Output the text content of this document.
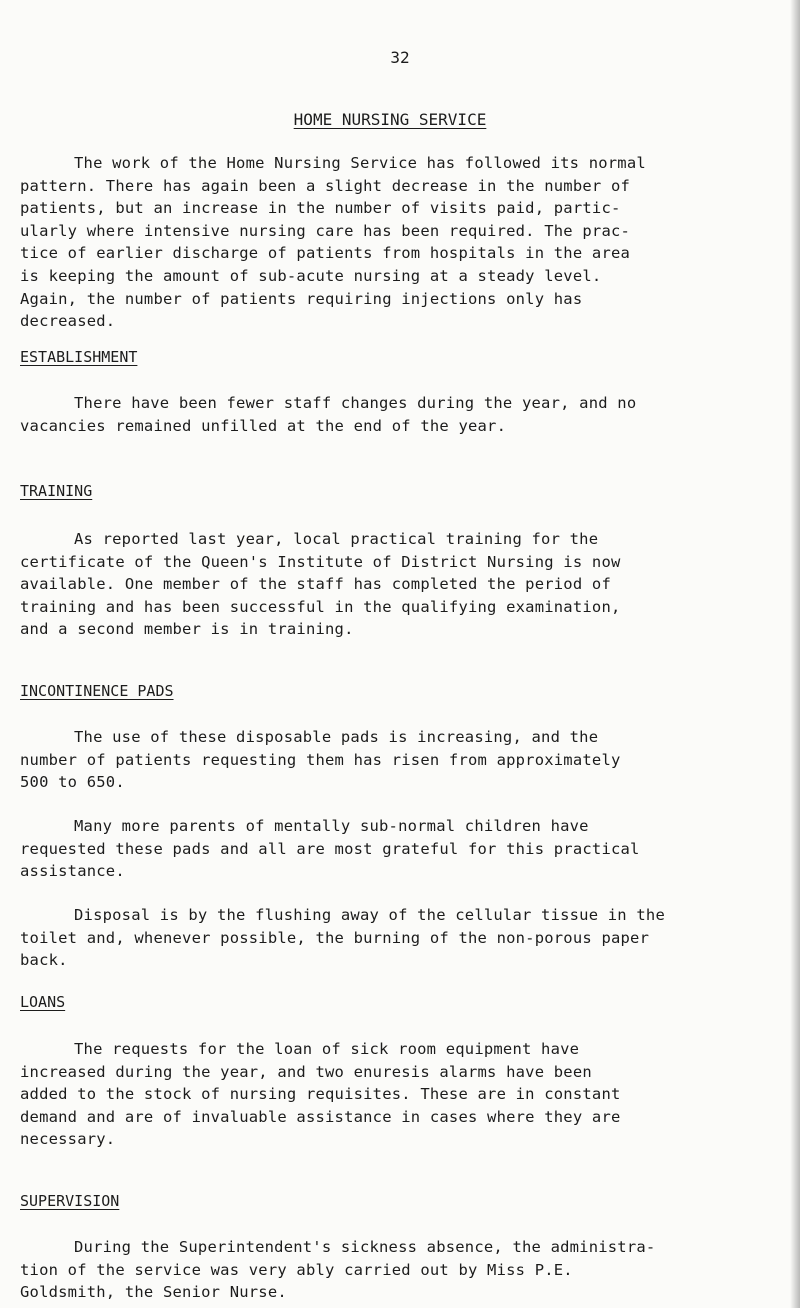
32
HOME NURSING SERVICE

The work of the Home Nursing Service has followed its normal
pattern. There has again been a slight decrease in the number of
patients, but an increase in the number of visits paid, partic-
ularly where intensive nursing care has been required. The prac-
tice of earlier discharge of patients from hospitals in the area
is keeping the amount of sub-acute nursing at a steady level.
Again, the number of patients requiring injections only has
decreased.

ESTABLISHMENT

There have been fewer staff changes during the year, and no
vacancies remained unfilled at the end of the year.

TRAINING

As reported last year, local practical training for the
certificate of the Queen's Institute of District Nursing is now
available. One member of the staff has completed the period of
training and has been successful in the qualifying examination,
and a second member is in training.

INCONTINENCE PADS

The use of these disposable pads is increasing, and the
number of patients requesting them has risen from approximately
500 to 650.

Many more parents of mentally sub-normal children have
requested these pads and all are most grateful for this practical
assistance.

Disposal is by the flushing away of the cellular tissue in the
toilet and, whenever possible, the burning of the non-porous paper
back.

LOANS

The requests for the loan of sick room equipment have
increased during the year, and two enuresis alarms have been
added to the stock of nursing requisites. These are in constant
demand and are of invaluable assistance in cases where they are
necessary.

SUPERVISION

During the Superintendent's sickness absence, the administra-
tion of the service was very ably carried out by Miss P.E.
Goldsmith, the Senior Nurse.
